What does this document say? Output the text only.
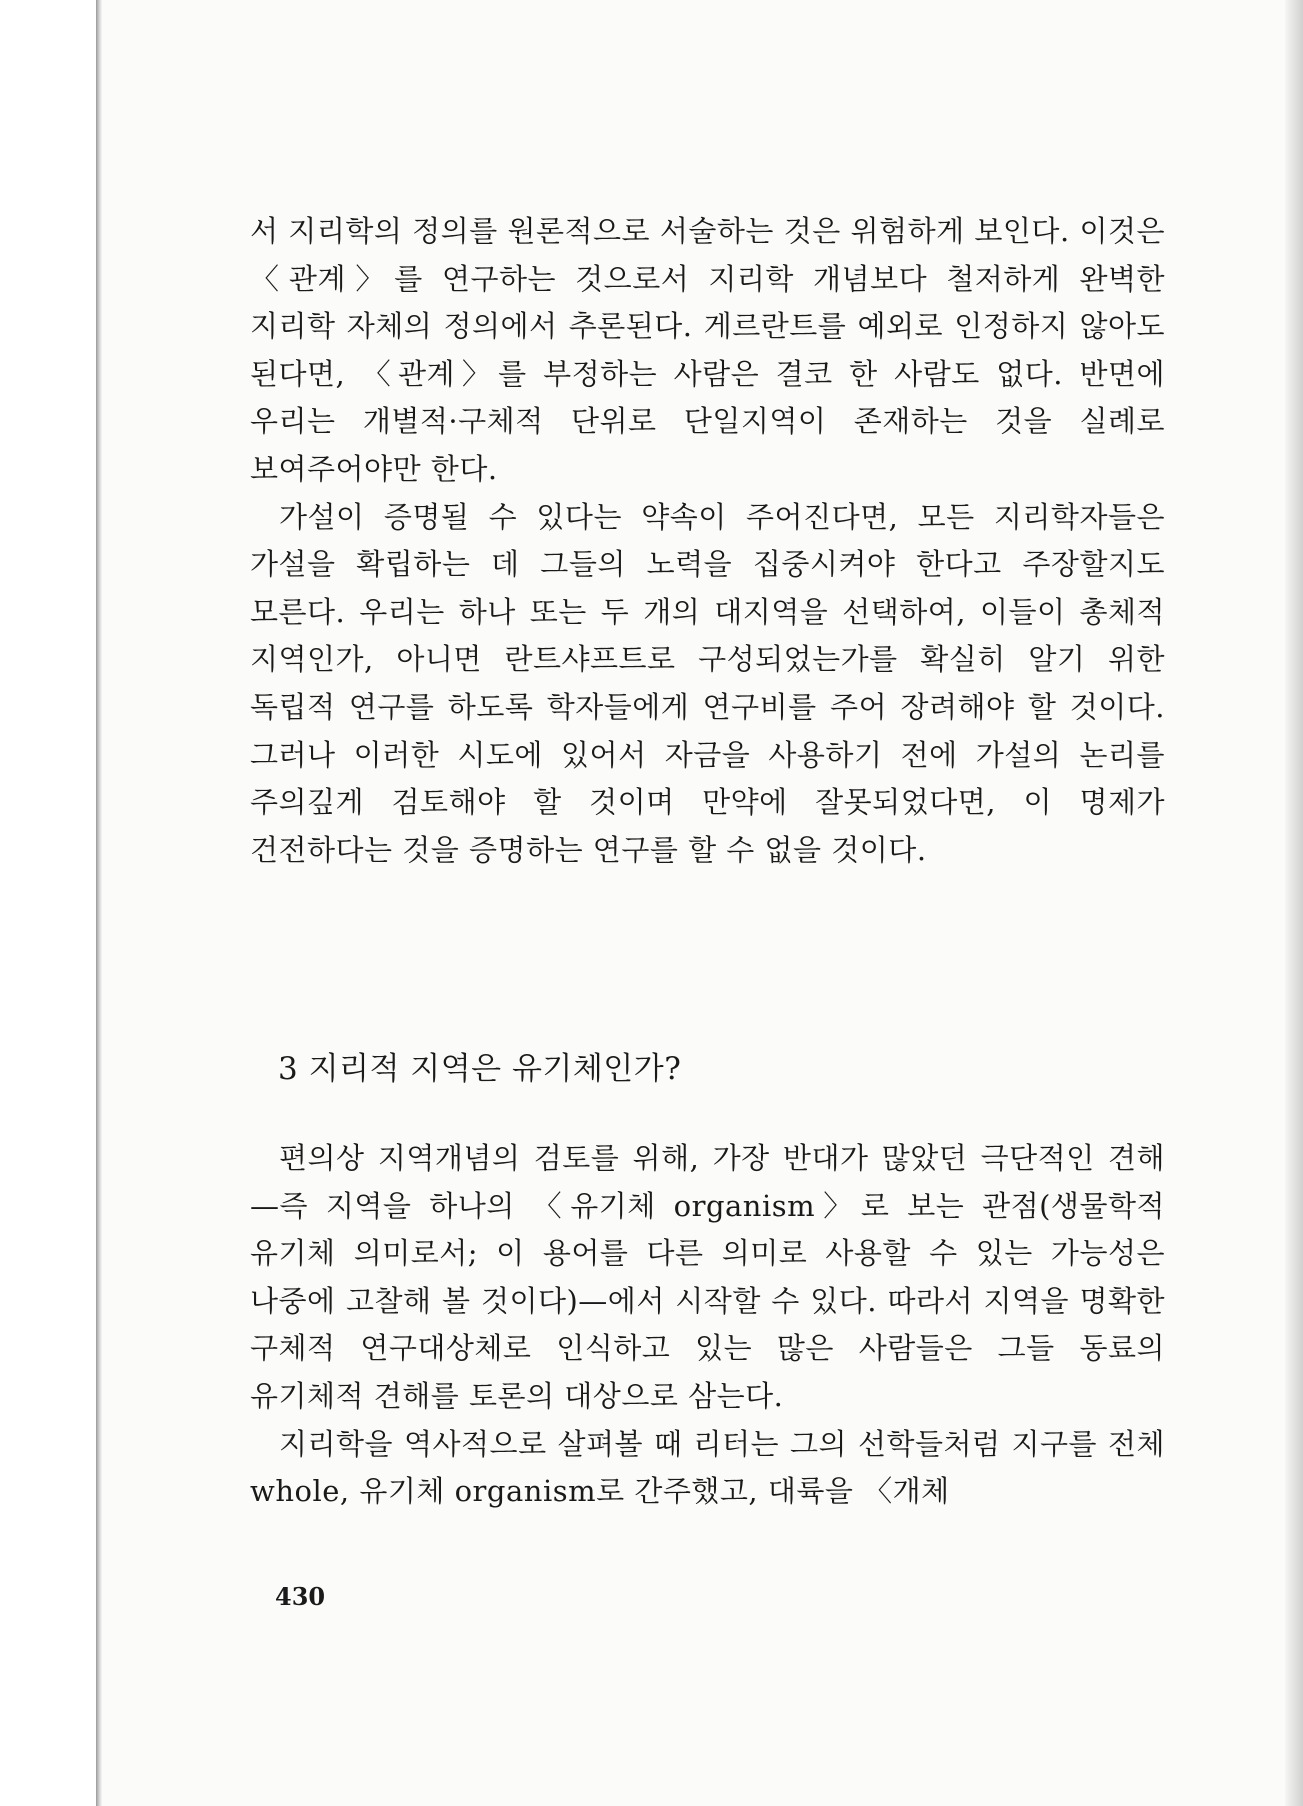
서 지리학의 정의를 원론적으로 서술하는 것은 위험하게 보인다. 이것은 〈관계〉를 연구하는 것으로서 지리학 개념보다 철저하게 완벽한 지리학 자체의 정의에서 추론된다. 게르란트를 예외로 인정하지 않아도 된다면, 〈관계〉를 부정하는 사람은 결코 한 사람도 없다. 반면에 우리는 개별적·구체적 단위로 단일지역이 존재하는 것을 실례로 보여주어야만 한다.

가설이 증명될 수 있다는 약속이 주어진다면, 모든 지리학자들은 가설을 확립하는 데 그들의 노력을 집중시켜야 한다고 주장할지도 모른다. 우리는 하나 또는 두 개의 대지역을 선택하여, 이들이 총체적 지역인가, 아니면 란트샤프트로 구성되었는가를 확실히 알기 위한 독립적 연구를 하도록 학자들에게 연구비를 주어 장려해야 할 것이다. 그러나 이러한 시도에 있어서 자금을 사용하기 전에 가설의 논리를 주의깊게 검토해야 할 것이며 만약에 잘못되었다면, 이 명제가 건전하다는 것을 증명하는 연구를 할 수 없을 것이다.

3 지리적 지역은 유기체인가?

편의상 지역개념의 검토를 위해, 가장 반대가 많았던 극단적인 견해—즉 지역을 하나의 〈유기체 organism〉로 보는 관점(생물학적 유기체 의미로서; 이 용어를 다른 의미로 사용할 수 있는 가능성은 나중에 고찰해 볼 것이다)—에서 시작할 수 있다. 따라서 지역을 명확한 구체적 연구대상체로 인식하고 있는 많은 사람들은 그들 동료의 유기체적 견해를 토론의 대상으로 삼는다.

지리학을 역사적으로 살펴볼 때 리터는 그의 선학들처럼 지구를 전체 whole, 유기체 organism로 간주했고, 대륙을 〈개체

430
